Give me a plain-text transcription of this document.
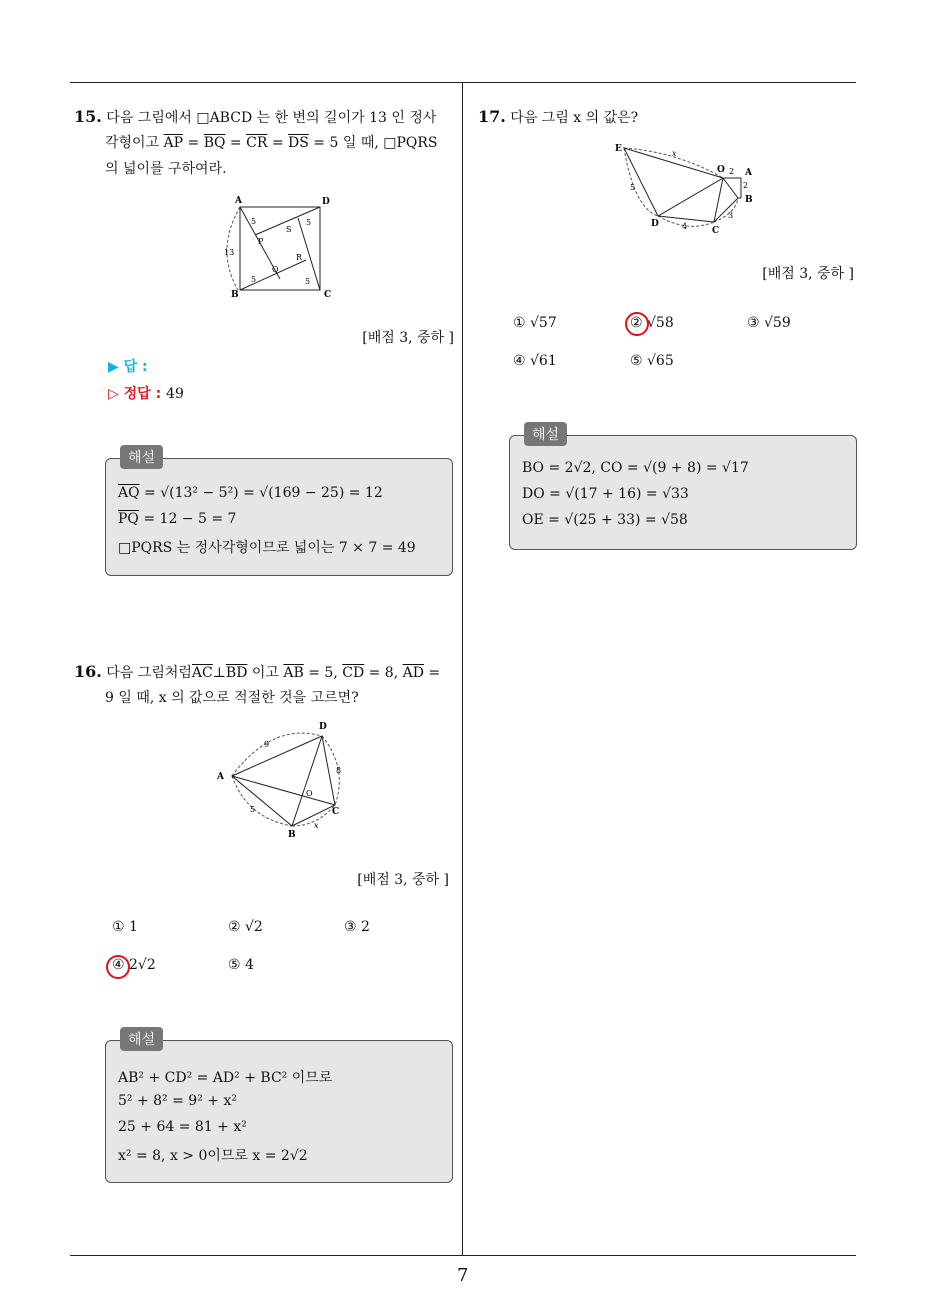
15. 다음 그림에서 □ABCD 는 한 변의 길이가 13 인 정사
각형이고 $\overline{AP} = \overline{BQ} = \overline{CR} = \overline{DS} = 5$ 일 때, □PQRS
의 넓이를 구하여라.
A
B	C
D
P
Q
R
S
5
5	5
5
13
[배점 3, 중하 ]
▶ 답 :
▷ 정답 : 49
해설
$\overline{AQ} = √(13^2 - 5^2) = √(169 - 25) = 12$
$\overline{PQ} = 12 - 5 = 7$
□PQRS 는 정사각형이므로 넓이는 7 × 7 = 49
16. 다음 그림처럼$\overline{AC}\perp\overline{BD}$ 이고 $\overline{AB} = 5$, $\overline{CD} = 8$, $\overline{AD}$ =
9 일 때, x 의 값으로 적절한 것을 고르면?
A
B
C
D
O
9
8
5
x
[배점 3, 중하 ]
① 1	② √2	③ 2
④ 2√2	⑤ 4
해설
AB² + CD² = AD² + BC² 이므로
5² + 8² = 9² + x²
25 + 64 = 81 + x²
x² = 8, x > 0이므로 x = 2√2
17. 다음 그림 x 의 값은?
E
O A
B
C
D
2
2
3
4
5
x
[배점 3, 중하 ]
① √57	② √58	③ √59
④ √61	⑤ √65
해설
BO = 2√2, CO = √(9 + 8) = √17
DO = √(17 + 16) = √33
OE = √(25 + 33) = √58
7
